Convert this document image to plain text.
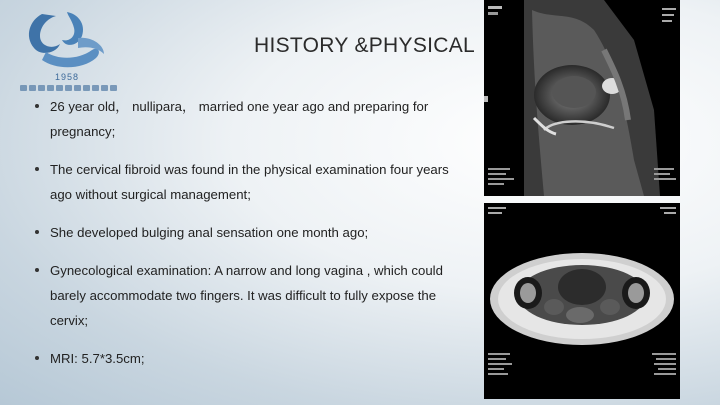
1958
HISTORY &PHYSICAL
26 year old， nullipara， married one year ago and preparing for pregnancy;
The cervical fibroid was found in the physical examination four years ago without surgical management;
She developed bulging anal sensation one month ago;
Gynecological examination: A narrow and long vagina , which could barely accommodate two fingers. It was difficult to fully expose the cervix;
MRI: 5.7*3.5cm;
